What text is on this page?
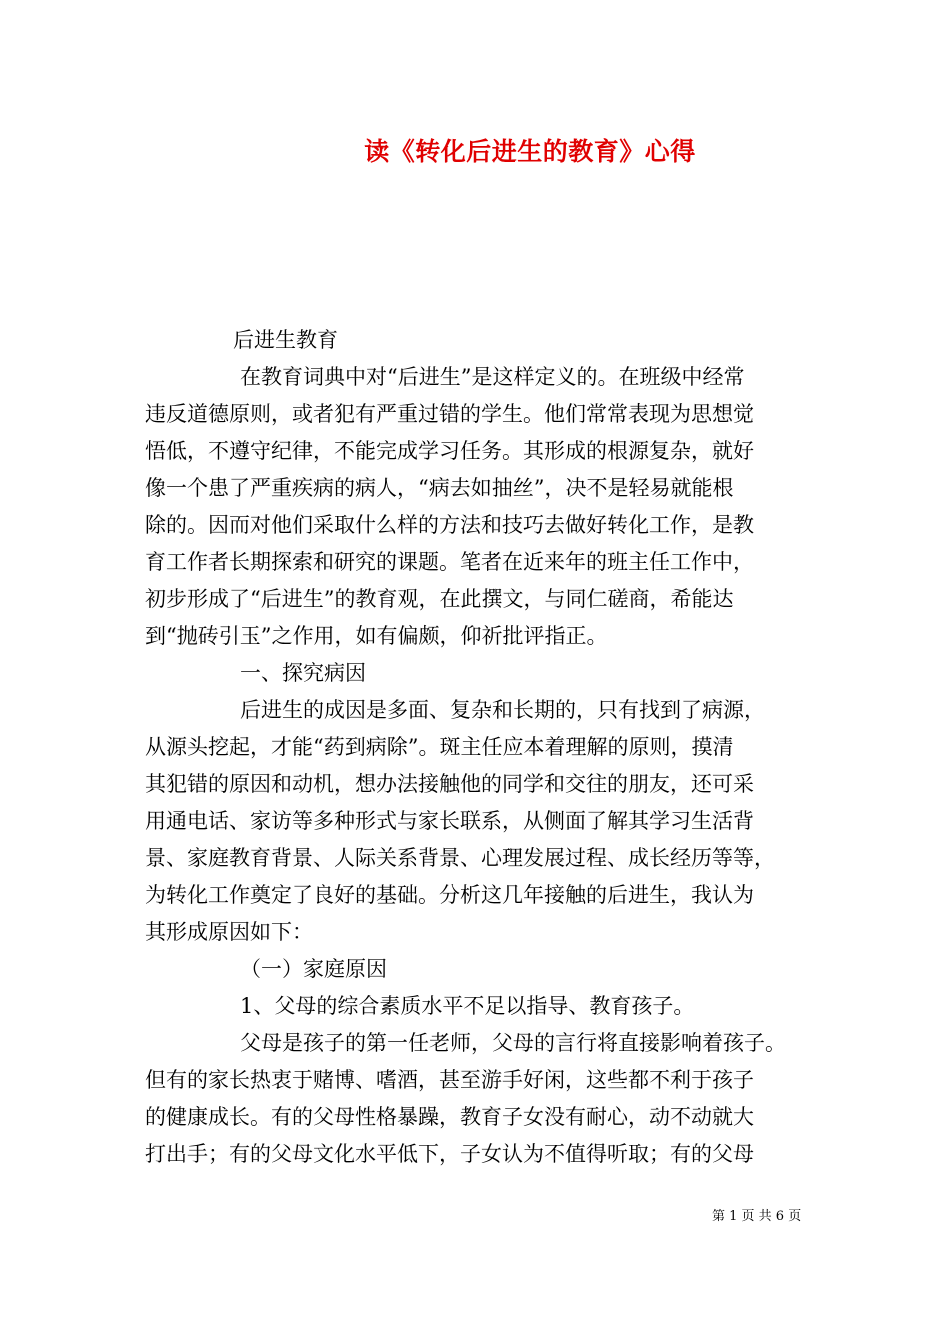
读《转化后进生的教育》心得

后进生教育

在教育词典中对“后进生”是这样定义的。在班级中经常

违反道德原则，或者犯有严重过错的学生。他们常常表现为思想觉

悟低，不遵守纪律，不能完成学习任务。其形成的根源复杂，就好

像一个患了严重疾病的病人，“病去如抽丝”，决不是轻易就能根

除的。因而对他们采取什么样的方法和技巧去做好转化工作，是教

育工作者长期探索和研究的课题。笔者在近来年的班主任工作中，

初步形成了“后进生”的教育观，在此撰文，与同仁磋商，希能达

到“抛砖引玉”之作用，如有偏颇，仰祈批评指正。

一、探究病因

后进生的成因是多面、复杂和长期的，只有找到了病源，

从源头挖起，才能“药到病除”。斑主任应本着理解的原则，摸清

其犯错的原因和动机，想办法接触他的同学和交往的朋友，还可采

用通电话、家访等多种形式与家长联系，从侧面了解其学习生活背

景、家庭教育背景、人际关系背景、心理发展过程、成长经历等等，

为转化工作奠定了良好的基础。分析这几年接触的后进生，我认为

其形成原因如下：

（一）家庭原因

1、父母的综合素质水平不足以指导、教育孩子。

父母是孩子的第一任老师，父母的言行将直接影响着孩子。

但有的家长热衷于赌博、嗜酒，甚至游手好闲，这些都不利于孩子

的健康成长。有的父母性格暴躁，教育子女没有耐心，动不动就大

打出手；有的父母文化水平低下，子女认为不值得听取；有的父母

第 1 页 共 6 页
